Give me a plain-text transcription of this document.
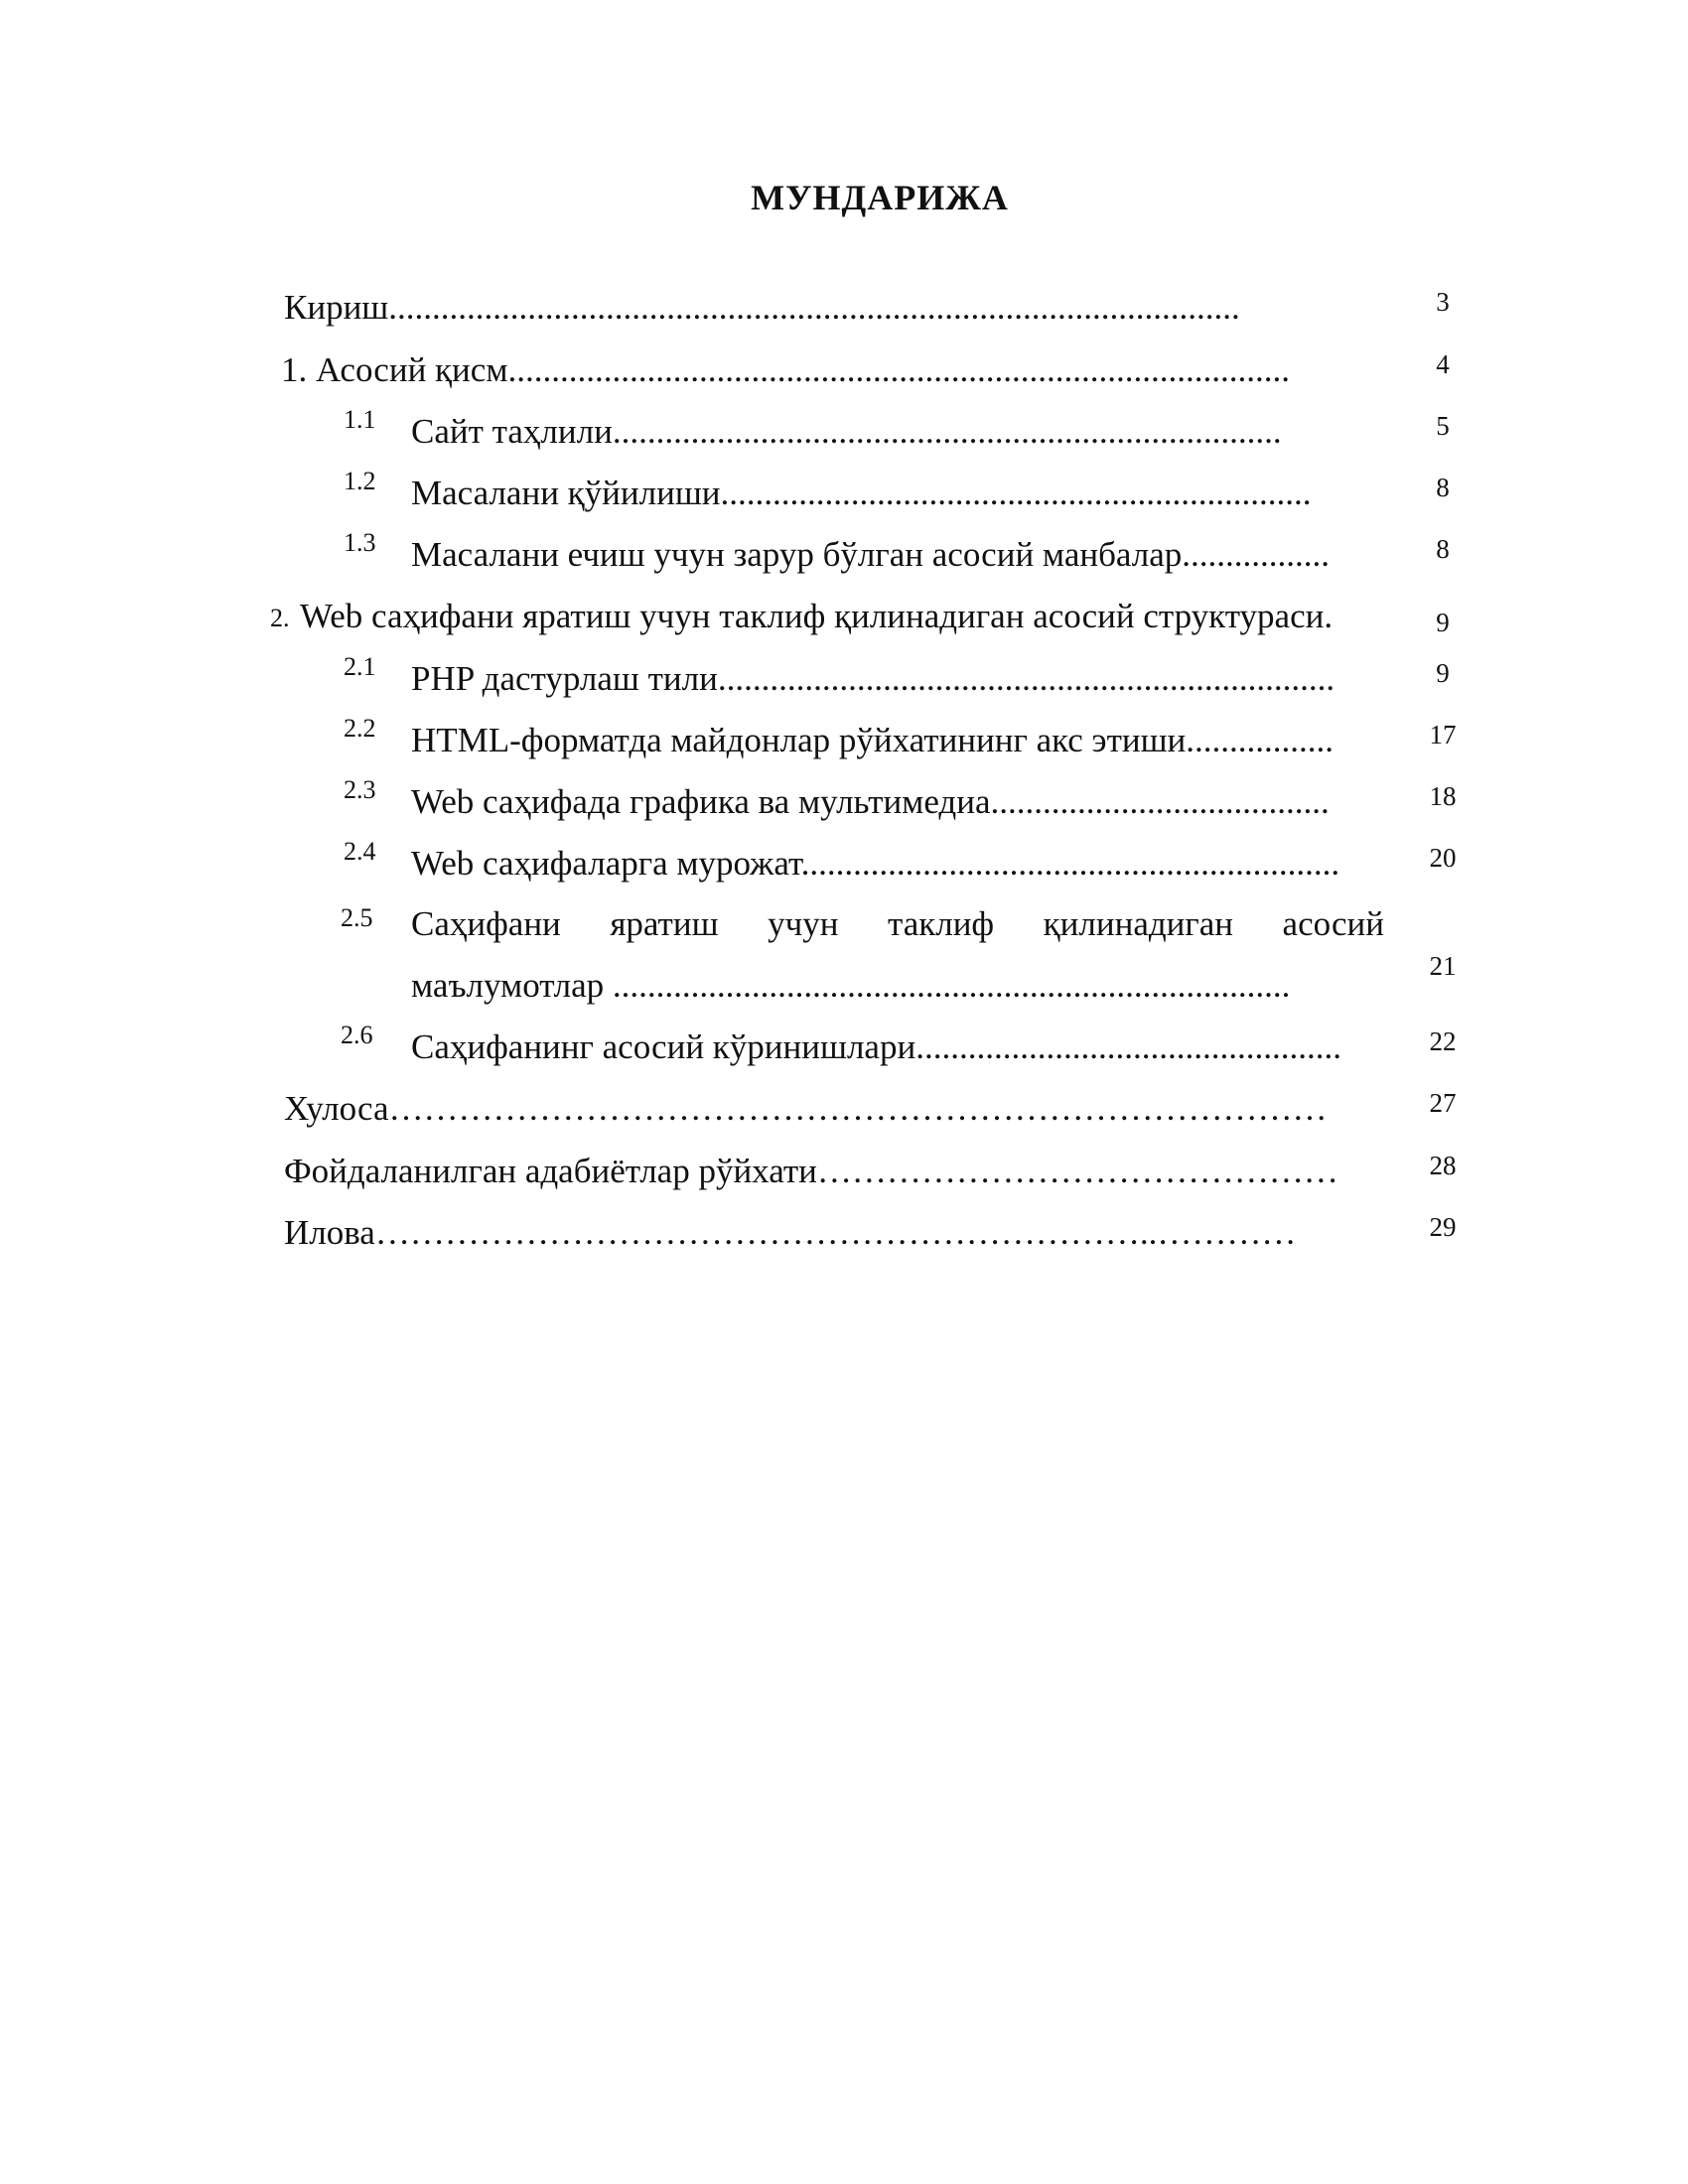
МУНДАРИЖА
Кириш..................................................................................................	3
1. Асосий қисм..........................................................................................	4
1.1 Сайт таҳлили.............................................................................	5
1.2 Масалани қўйилиши....................................................................	8
1.3 Масалани ечиш учун зарур бўлган асосий манбалар.................	8
2. Web саҳифани яратиш учун таклиф қилинадиган асосий структураси.	9
2.1 PHP дастурлаш тили.......................................................................	9
2.2 HTML-форматда майдонлар рўйхатининг акс этиши.................	17
2.3 Web саҳифада графика ва мультимедиа.......................................	18
2.4 Web саҳифаларга мурожат..............................................................	20
2.5 Саҳифани яратиш учун таклиф қилинадиган асосий
маълумотлар ..............................................................................	21
2.6 Саҳифанинг асосий кўринишлари.................................................	22
Хулоса………………………………………………………………………	27
Фойдаланилган адабиётлар рўйхати………………………………………	28
Илова…………………………………………………………..…………	29
